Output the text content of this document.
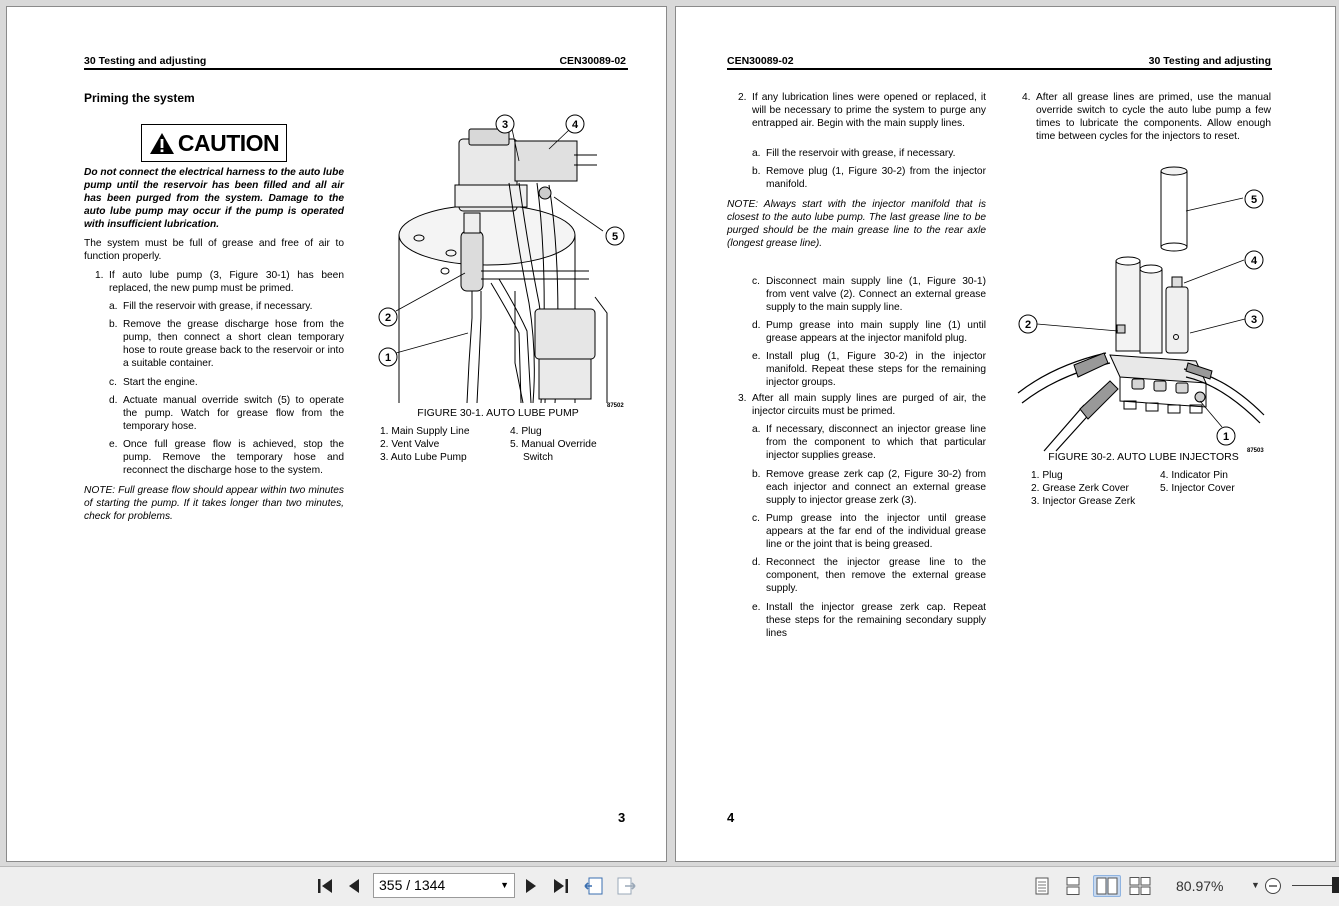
30 Testing and adjusting	CEN30089-02
Priming the system
CAUTION
Do not connect the electrical harness to the auto lube pump until the reservoir has been filled and all air has been purged from the system. Damage to the auto lube pump may occur if the pump is operated with insufficient lubrication.
The system must be full of grease and free of air to function properly.
1. If auto lube pump (3, Figure 30-1) has been replaced, the new pump must be primed.
a. Fill the reservoir with grease, if necessary.
b. Remove the grease discharge hose from the pump, then connect a short clean temporary hose to route grease back to the reservoir or into a suitable container.
c. Start the engine.
d. Actuate manual override switch (5) to operate the pump. Watch for grease flow from the temporary hose.
e. Once full grease flow is achieved, stop the pump. Remove the temporary hose and reconnect the discharge hose to the system.
NOTE: Full grease flow should appear within two minutes of starting the pump. If it takes longer than two minutes, check for problems.
3	4
5
2
1
87502
FIGURE 30-1. AUTO LUBE PUMP
1. Main Supply Line
2. Vent Valve
3. Auto Lube Pump
4. Plug
5. Manual Override Switch
3
CEN30089-02	30 Testing and adjusting
2. If any lubrication lines were opened or replaced, it will be necessary to prime the system to purge any entrapped air. Begin with the main supply lines.
a. Fill the reservoir with grease, if necessary.
b. Remove plug (1, Figure 30-2) from the injector manifold.
NOTE: Always start with the injector manifold that is closest to the auto lube pump. The last grease line to be purged should be the main grease line to the rear axle (longest grease line).
c. Disconnect main supply line (1, Figure 30-1) from vent valve (2). Connect an external grease supply to the main supply line.
d. Pump grease into main supply line (1) until grease appears at the injector manifold plug.
e. Install plug (1, Figure 30-2) in the injector manifold. Repeat these steps for the remaining injector groups.
3. After all main supply lines are purged of air, the injector circuits must be primed.
a. If necessary, disconnect an injector grease line from the component to which that particular injector supplies grease.
b. Remove grease zerk cap (2, Figure 30-2) from each injector and connect an external grease supply to injector grease zerk (3).
c. Pump grease into the injector until grease appears at the far end of the individual grease line or the joint that is being greased.
d. Reconnect the injector grease line to the component, then remove the external grease supply.
e. Install the injector grease zerk cap. Repeat these steps for the remaining secondary supply lines
4. After all grease lines are primed, use the manual override switch to cycle the auto lube pump a few times to lubricate the components. Allow enough time between cycles for the injectors to reset.
5
4
3
2
1
87503
FIGURE 30-2. AUTO LUBE INJECTORS
1. Plug
2. Grease Zerk Cover
3. Injector Grease Zerk
4. Indicator Pin
5. Injector Cover
4
355 / 1344	▼	80.97%	▼
